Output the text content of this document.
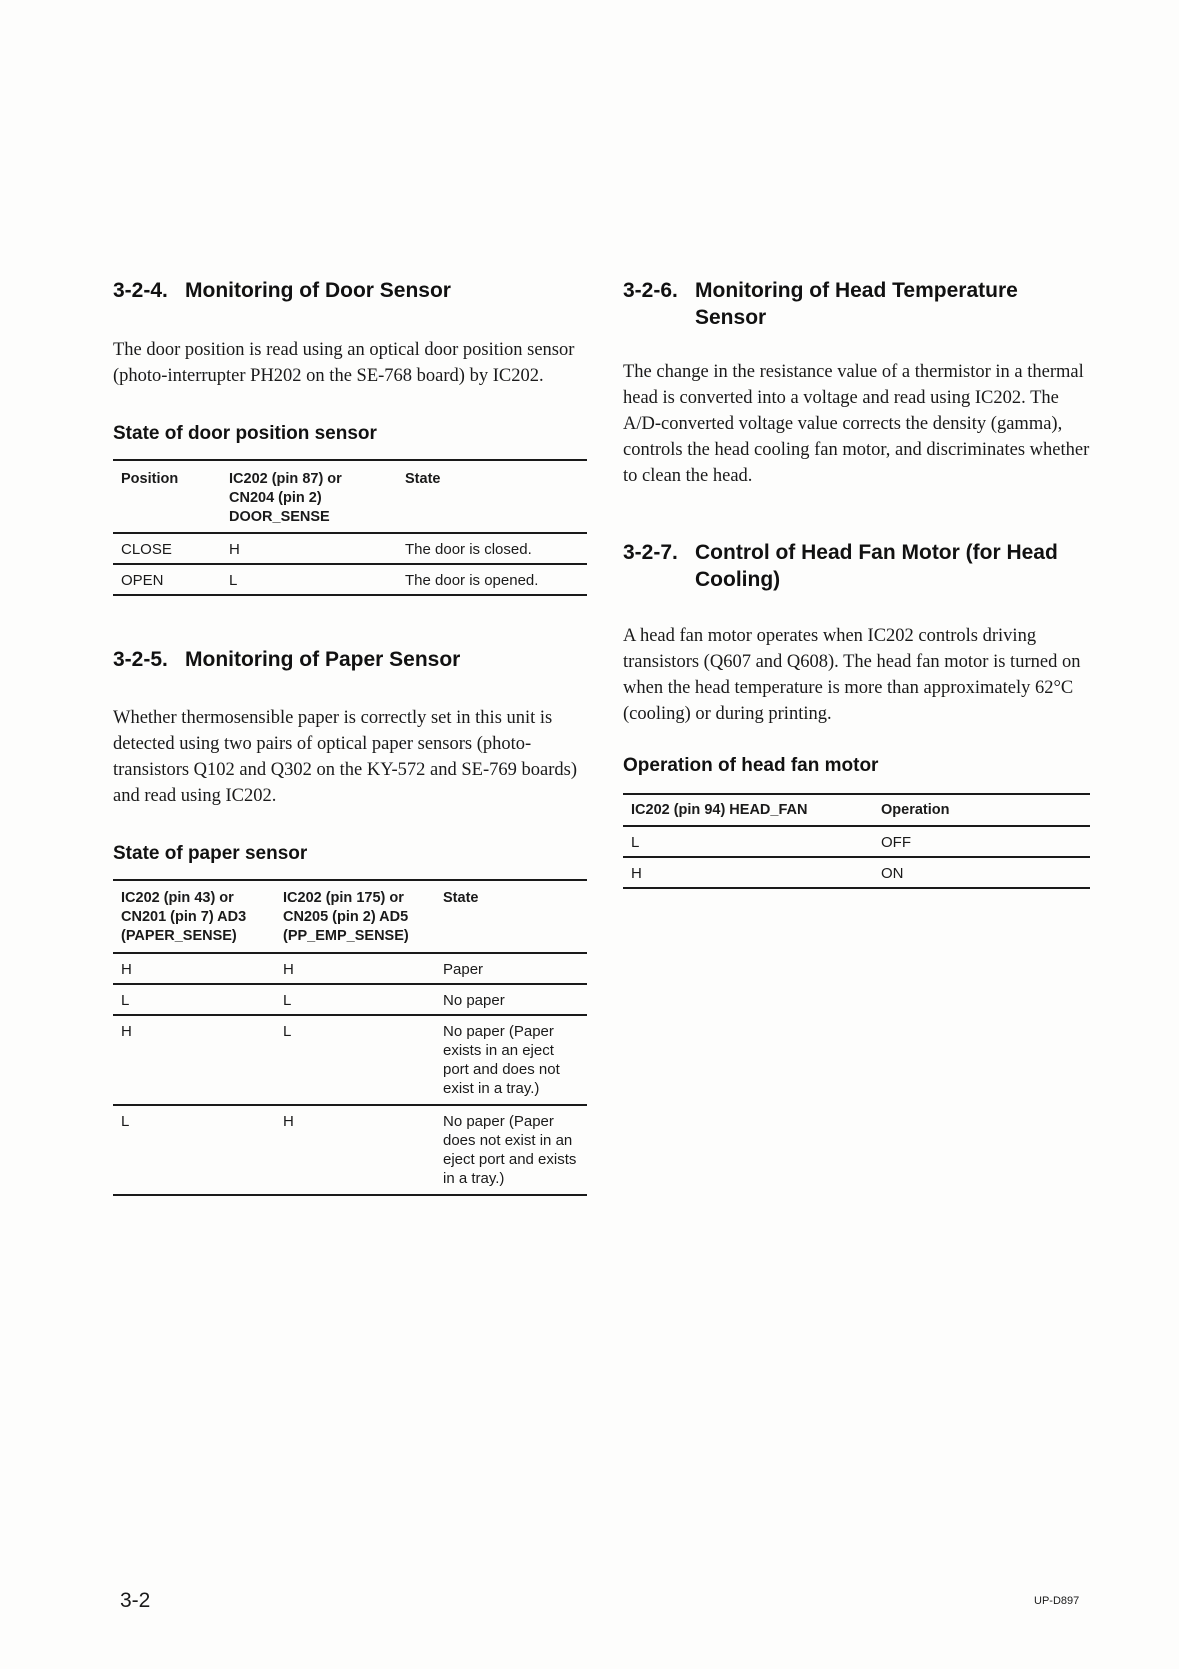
3-2-4. Monitoring of Door Sensor

The door position is read using an optical door position sensor (photo-interrupter PH202 on the SE-768 board) by IC202.

State of door position sensor
Position	IC202 (pin 87) or CN204 (pin 2) DOOR_SENSE	State
CLOSE	H	The door is closed.
OPEN	L	The door is opened.
3-2-5. Monitoring of Paper Sensor

Whether thermosensible paper is correctly set in this unit is detected using two pairs of optical paper sensors (photo-transistors Q102 and Q302 on the KY-572 and SE-769 boards) and read using IC202.

State of paper sensor
IC202 (pin 43) or CN201 (pin 7) AD3 (PAPER_SENSE)	IC202 (pin 175) or CN205 (pin 2) AD5 (PP_EMP_SENSE)	State
H	H	Paper
L	L	No paper
H	L	No paper (Paper exists in an eject port and does not exist in a tray.)
L	H	No paper (Paper does not exist in an eject port and exists in a tray.)
3-2-6. Monitoring of Head Temperature Sensor

The change in the resistance value of a thermistor in a thermal head is converted into a voltage and read using IC202. The A/D-converted voltage value corrects the density (gamma), controls the head cooling fan motor, and discriminates whether to clean the head.

3-2-7. Control of Head Fan Motor (for Head Cooling)

A head fan motor operates when IC202 controls driving transistors (Q607 and Q608). The head fan motor is turned on when the head temperature is more than approximately 62°C (cooling) or during printing.

Operation of head fan motor
IC202 (pin 94) HEAD_FAN	Operation
L	OFF
H	ON
3-2	UP-D897
